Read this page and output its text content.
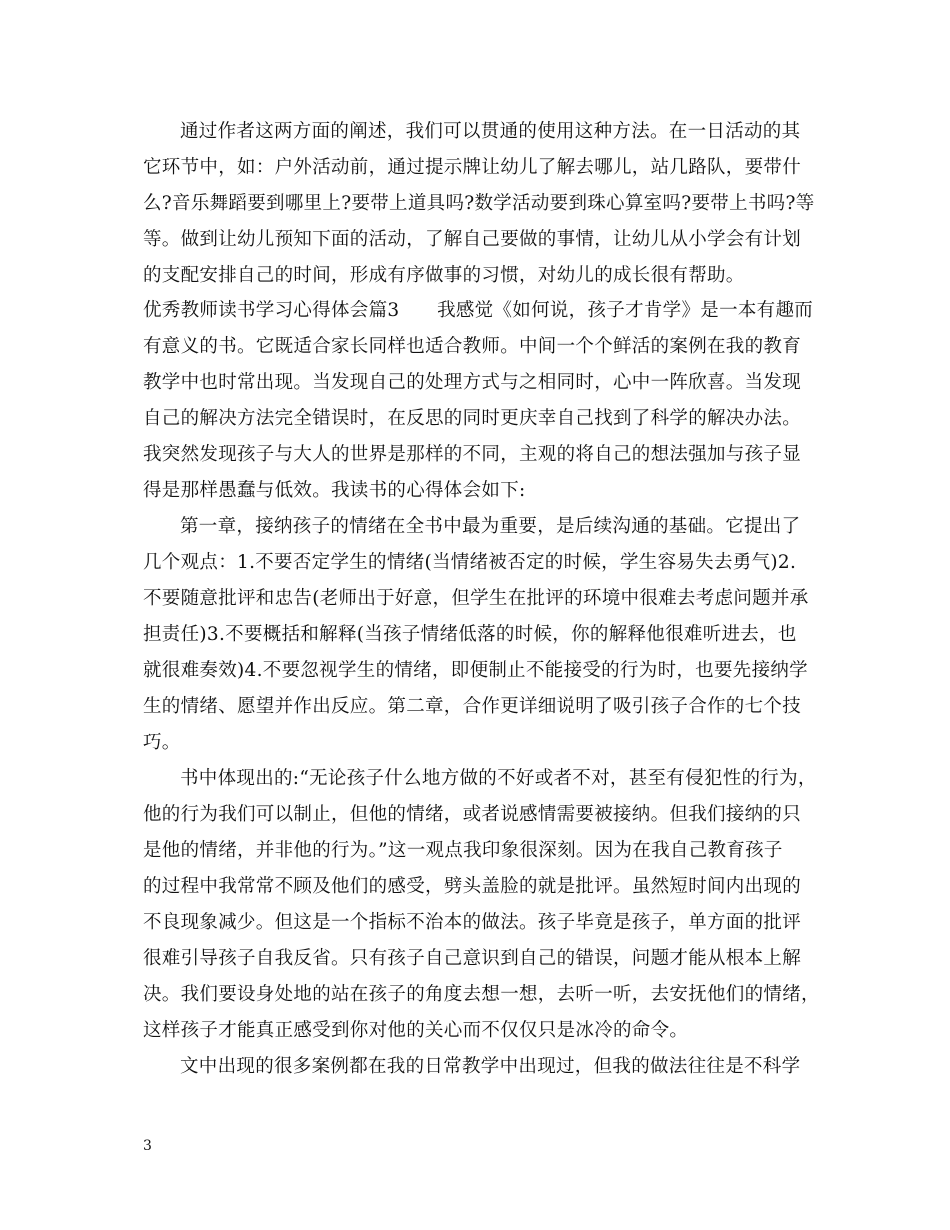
通过作者这两方面的阐述，我们可以贯通的使用这种方法。在一日活动的其
它环节中，如：户外活动前，通过提示牌让幼儿了解去哪儿，站几路队，要带什
么?音乐舞蹈要到哪里上?要带上道具吗?数学活动要到珠心算室吗?要带上书吗?等
等。做到让幼儿预知下面的活动，了解自己要做的事情，让幼儿从小学会有计划
的支配安排自己的时间，形成有序做事的习惯，对幼儿的成长很有帮助。
优秀教师读书学习心得体会篇3　　我感觉《如何说，孩子才肯学》是一本有趣而
有意义的书。它既适合家长同样也适合教师。中间一个个鲜活的案例在我的教育
教学中也时常出现。当发现自己的处理方式与之相同时，心中一阵欣喜。当发现
自己的解决方法完全错误时，在反思的同时更庆幸自己找到了科学的解决办法。
我突然发现孩子与大人的世界是那样的不同，主观的将自己的想法强加与孩子显
得是那样愚蠢与低效。我读书的心得体会如下:
第一章，接纳孩子的情绪在全书中最为重要，是后续沟通的基础。它提出了
几个观点：1.不要否定学生的情绪(当情绪被否定的时候，学生容易失去勇气)2.
不要随意批评和忠告(老师出于好意，但学生在批评的环境中很难去考虑问题并承
担责任)3.不要概括和解释(当孩子情绪低落的时候，你的解释他很难听进去，也
就很难奏效)4.不要忽视学生的情绪，即便制止不能接受的行为时，也要先接纳学
生的情绪、愿望并作出反应。第二章，合作更详细说明了吸引孩子合作的七个技
巧。
书中体现出的:“无论孩子什么地方做的不好或者不对，甚至有侵犯性的行为，
他的行为我们可以制止，但他的情绪，或者说感情需要被接纳。但我们接纳的只
是他的情绪，并非他的行为。”这一观点我印象很深刻。因为在我自己教育孩子
的过程中我常常不顾及他们的感受，劈头盖脸的就是批评。虽然短时间内出现的
不良现象减少。但这是一个指标不治本的做法。孩子毕竟是孩子，单方面的批评
很难引导孩子自我反省。只有孩子自己意识到自己的错误，问题才能从根本上解
决。我们要设身处地的站在孩子的角度去想一想，去听一听，去安抚他们的情绪，
这样孩子才能真正感受到你对他的关心而不仅仅只是冰冷的命令。
文中出现的很多案例都在我的日常教学中出现过，但我的做法往往是不科学
3
